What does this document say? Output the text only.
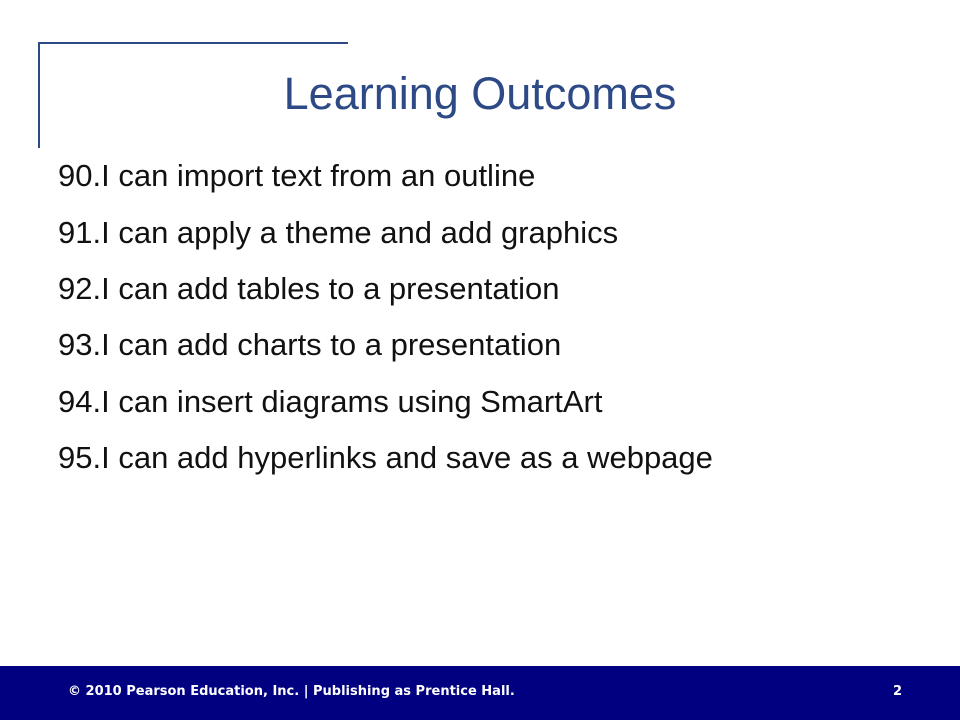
Learning Outcomes
90. I can import text from an outline
91. I can apply a theme and add graphics
92. I can add tables to a presentation
93. I can add charts to a presentation
94. I can insert diagrams using SmartArt
95. I can add hyperlinks and save as a webpage
© 2010 Pearson Education, Inc. | Publishing as Prentice Hall.	2
